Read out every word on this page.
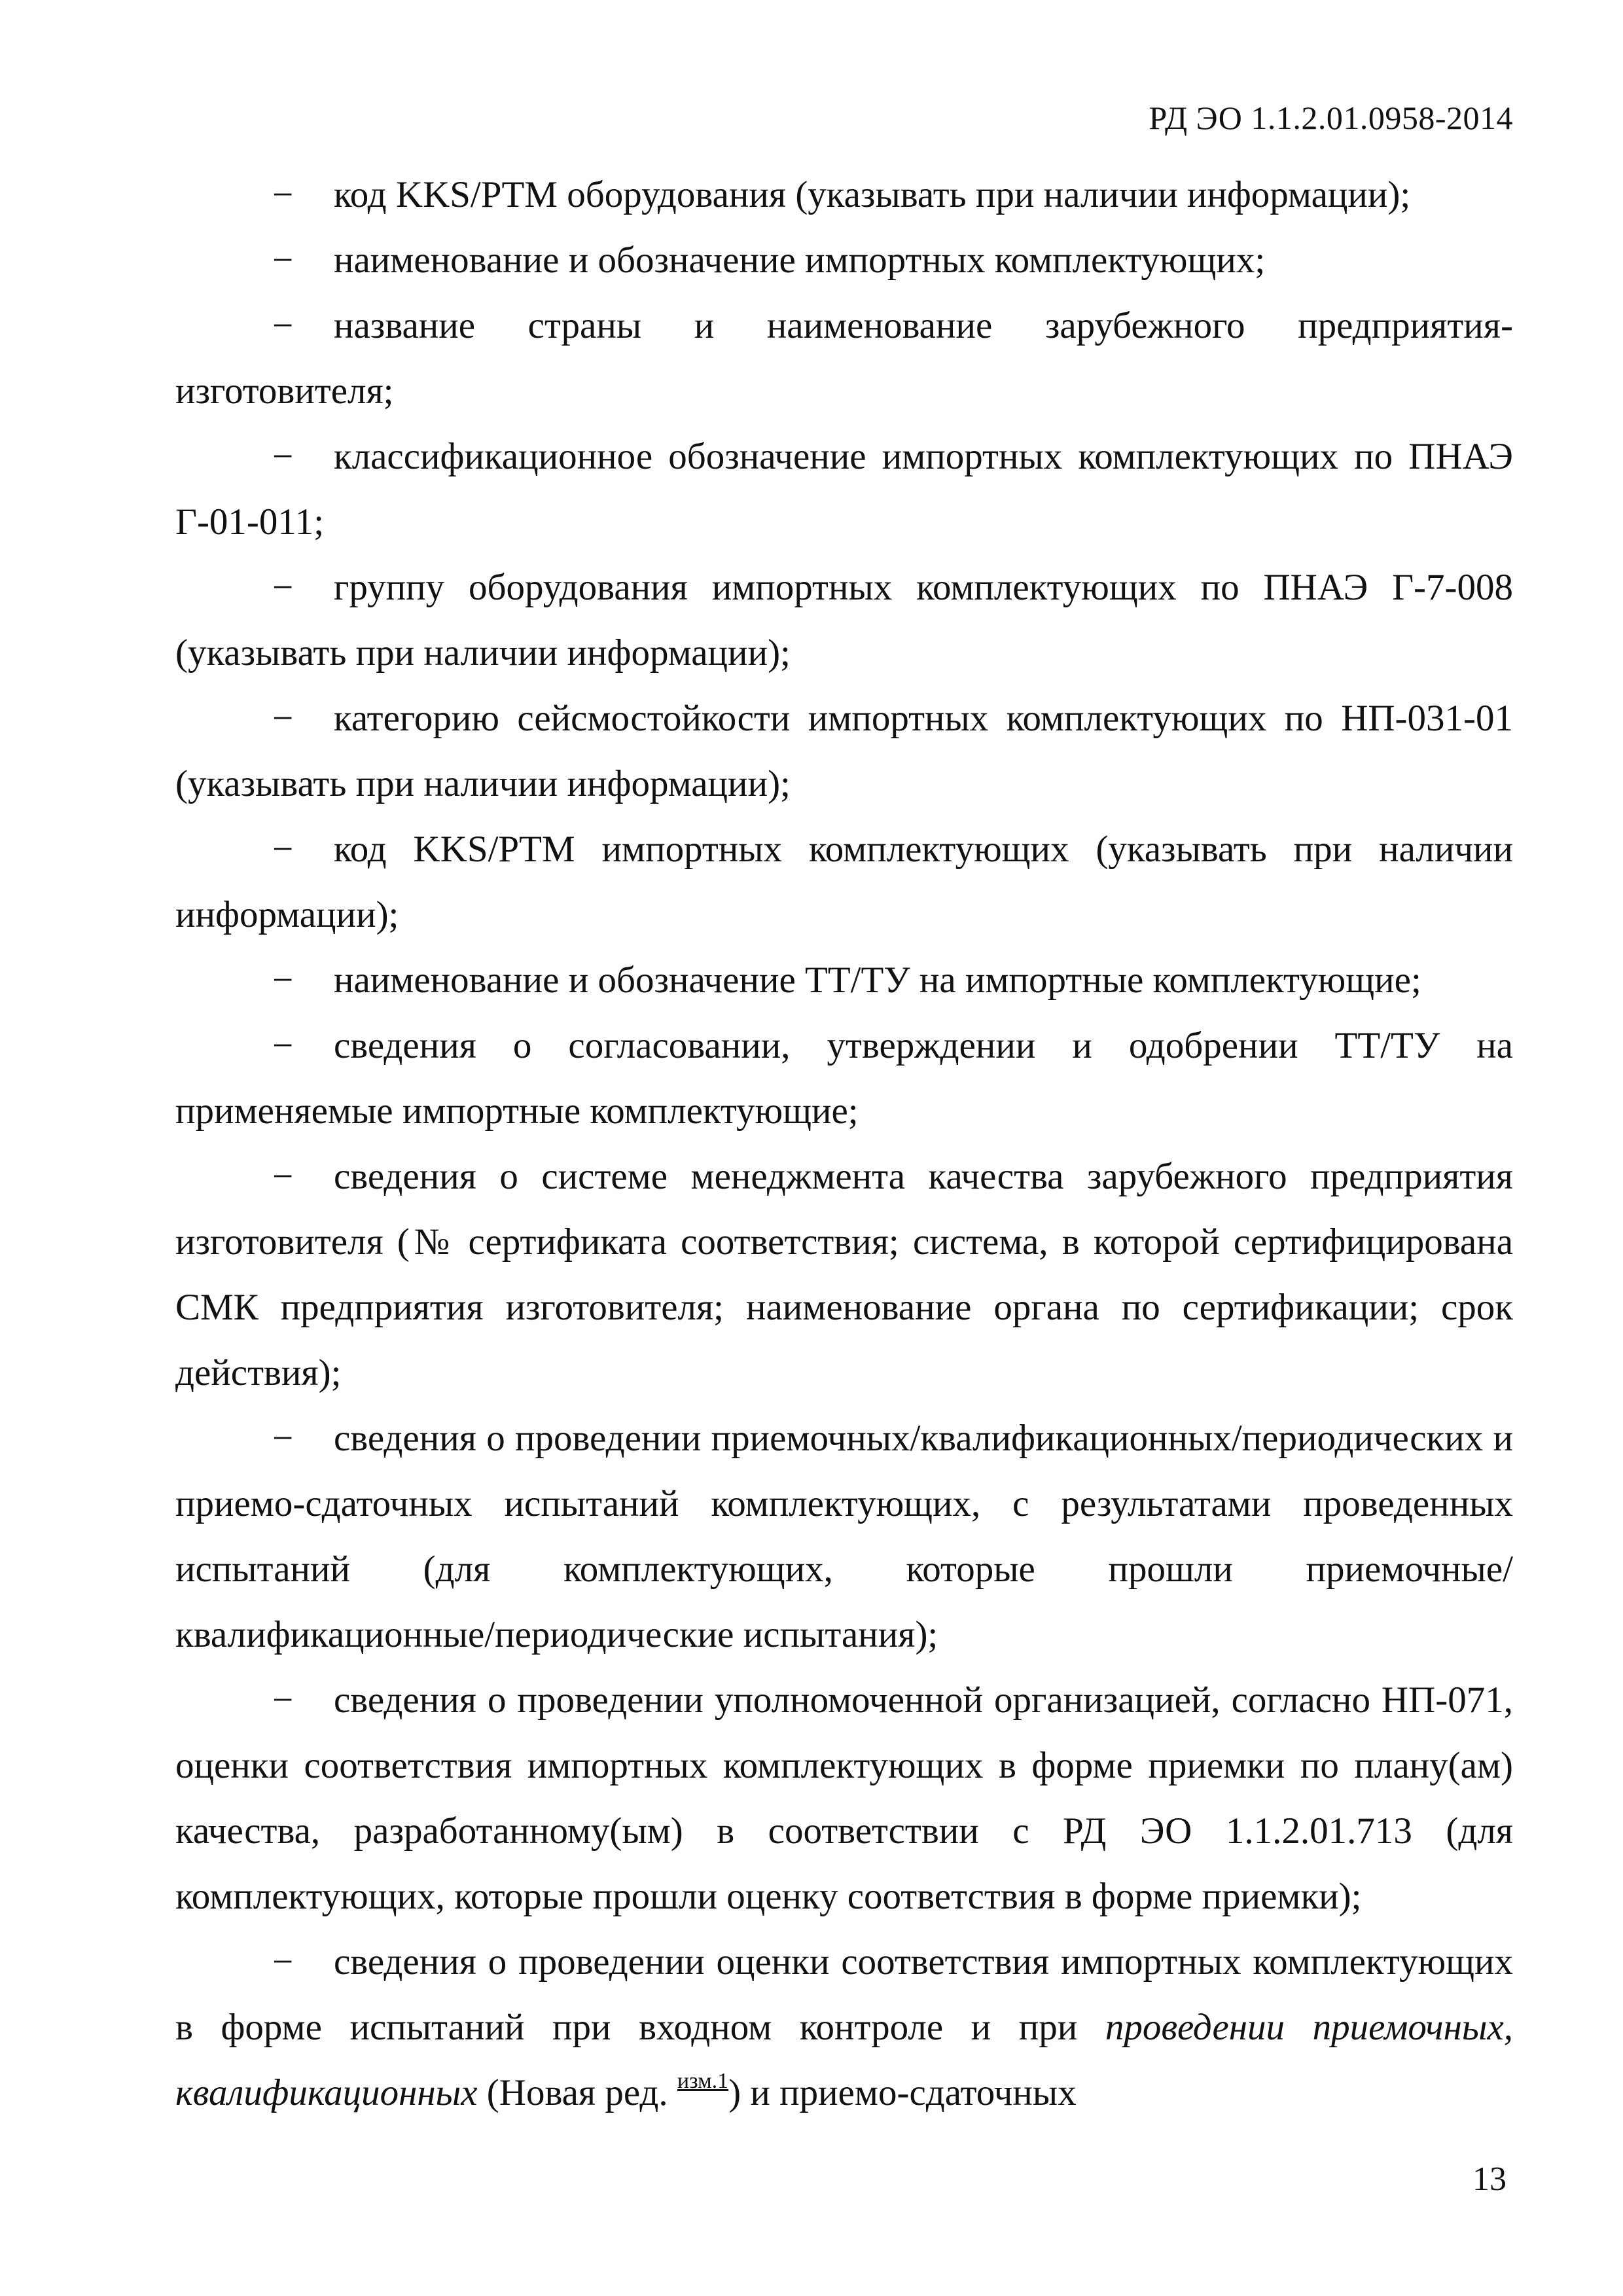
РД ЭО 1.1.2.01.0958-2014

− код KKS/PTM оборудования (указывать при наличии информации);

− наименование и обозначение импортных комплектующих;

− название страны и наименование зарубежного предприятия-изготовителя;

− классификационное обозначение импортных комплектующих по ПНАЭ Г-01-011;

− группу оборудования импортных комплектующих по ПНАЭ Г-7-008 (указывать при наличии информации);

− категорию сейсмостойкости импортных комплектующих по НП-031-01 (указывать при наличии информации);

− код KKS/PTM импортных комплектующих (указывать при наличии информации);

− наименование и обозначение ТТ/ТУ на импортные комплектующие;

− сведения о согласовании, утверждении и одобрении ТТ/ТУ на применяемые импортные комплектующие;

− сведения о системе менеджмента качества зарубежного предприятия изготовителя (№ сертификата соответствия; система, в которой сертифицирована СМК предприятия изготовителя; наименование органа по сертификации; срок действия);

− сведения о проведении приемочных/квалификационных/периодических и приемо-сдаточных испытаний комплектующих, с результатами проведенных испытаний (для комплектующих, которые прошли приемочные/ квалификационные/периодические испытания);

− сведения о проведении уполномоченной организацией, согласно НП-071, оценки соответствия импортных комплектующих в форме приемки по плану(ам) качества, разработанному(ым) в соответствии с РД ЭО 1.1.2.01.713 (для комплектующих, которые прошли оценку соответствия в форме приемки);

− сведения о проведении оценки соответствия импортных комплектующих в форме испытаний при входном контроле и при проведении приемочных, квалификационных (Новая ред. $^{изм.1}$) и приемо-сдаточных

13
